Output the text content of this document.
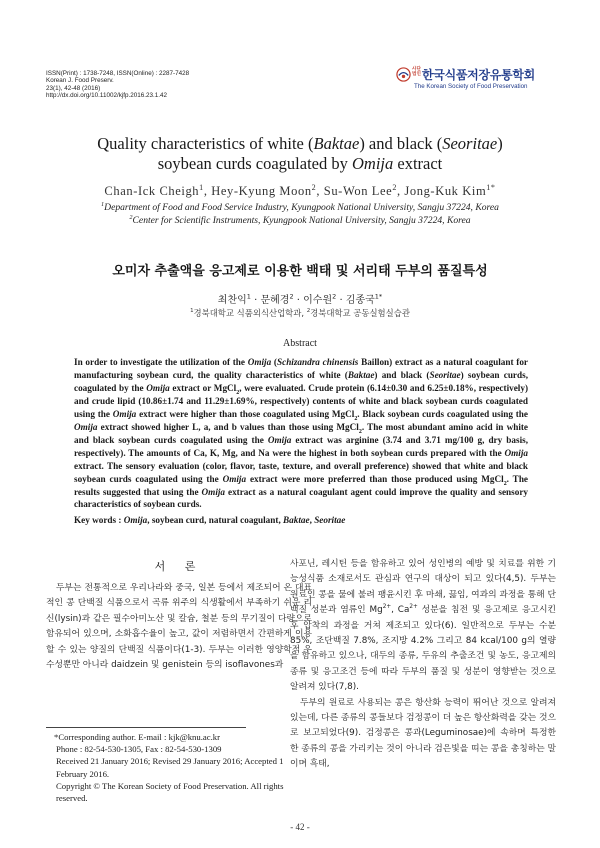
ISSN(Print) : 1738-7248, ISSN(Online) : 2287-7428
Korean J. Food Preserv.
23(1), 42-48 (2016)
http://dx.doi.org/10.11002/kjfp.2016.23.1.42
사단
법인 한국식품저장유통학회
The Korean Society of Food Preservation
Quality characteristics of white (Baktae) and black (Seoritae)
soybean curds coagulated by Omija extract
Chan-Ick Cheigh$^1$, Hey-Kyung Moon$^2$, Su-Won Lee$^2$, Jong-Kuk Kim$^{1*}$
$^1$Department of Food and Food Service Industry, Kyungpook National University, Sangju 37224, Korea
$^2$Center for Scientific Instruments, Kyungpook National University, Sangju 37224, Korea
오미자 추출액을 응고제로 이용한 백태 및 서리태 두부의 품질특성
최찬익$^1$ · 문혜경$^2$ · 이수원$^2$ · 김종국$^{1*}$
$^1$경북대학교 식품외식산업학과, $^2$경북대학교 공동실험실습관
Abstract

In order to investigate the utilization of the Omija (Schizandra chinensis Baillon) extract as a natural coagulant for manufacturing soybean curd, the quality characteristics of white (Baktae) and black (Seoritae) soybean curds, coagulated by the Omija extract or MgCl$_2$, were evaluated. Crude protein (6.14±0.30 and 6.25±0.18%, respectively) and crude lipid (10.86±1.74 and 11.29±1.69%, respectively) contents of white and black soybean curds coagulated using the Omija extract were higher than those coagulated using MgCl$_2$. Black soybean curds coagulated using the Omija extract showed higher L, a, and b values than those using MgCl$_2$. The most abundant amino acid in white and black soybean curds coagulated using the Omija extract was arginine (3.74 and 3.71 mg/100 g, dry basis, respectively). The amounts of Ca, K, Mg, and Na were the highest in both soybean curds prepared with the Omija extract. The sensory evaluation (color, flavor, taste, texture, and overall preference) showed that white and black soybean curds coagulated using the Omija extract were more preferred than those produced using MgCl$_2$. The results suggested that using the Omija extract as a natural coagulant agent could improve the quality and sensory characteristics of soybean curds.

Key words : Omija, soybean curd, natural coagulant, Baktae, Seoritae
서 론

두부는 전통적으로 우리나라와 중국, 일본 등에서 제조되어 온 대표적인 콩 단백질 식품으로서 곡류 위주의 식생활에서 부족하기 쉬운 리신(lysin)과 같은 필수아미노산 및 칼슘, 철분 등의 무기질이 다량으로 함유되어 있으며, 소화흡수율이 높고, 값이 저렴하면서 간편하게 이용할 수 있는 양질의 단백질 식품이다(1-3). 두부는 이러한 영양학적 우수성뿐만 아니라 daidzein 및 genistein 등의 isoflavones과

사포닌, 레시틴 등을 함유하고 있어 성인병의 예방 및 치료를 위한 기능성식품 소재로서도 관심과 연구의 대상이 되고 있다(4,5). 두부는 원료인 콩을 물에 불려 팽윤시킨 후 마쇄, 끓임, 여과의 과정을 통해 단백질 성분과 염류인 $Mg^{2+}$, $Ca^{2+}$ 성분을 침전 및 응고제로 응고시킨 후 압착의 과정을 거쳐 제조되고 있다(6). 일반적으로 두부는 수분 85%, 조단백질 7.8%, 조지방 4.2% 그리고 84 kcal/100 g의 열량을 함유하고 있으나, 대두의 종류, 두유의 추출조건 및 농도, 응고제의 종류 및 응고조건 등에 따라 두부의 품질 및 성분이 영향받는 것으로 알려져 있다(7,8).

두부의 원료로 사용되는 콩은 항산화 능력이 뛰어난 것으로 알려져 있는데, 다른 종류의 콩들보다 검정콩이 더 높은 항산화력을 갖는 것으로 보고되었다(9). 검정콩은 콩과(Leguminosae)에 속하며 특정한 한 종류의 콩을 가리키는 것이 아니라 검은빛을 띠는 콩을 총칭하는 말이며 흑태,

*Corresponding author. E-mail : kjk@knu.ac.kr
Phone : 82-54-530-1305, Fax : 82-54-530-1309
Received 21 January 2016; Revised 29 January 2016; Accepted 1 February 2016.
Copyright © The Korean Society of Food Preservation. All rights reserved.
- 42 -
